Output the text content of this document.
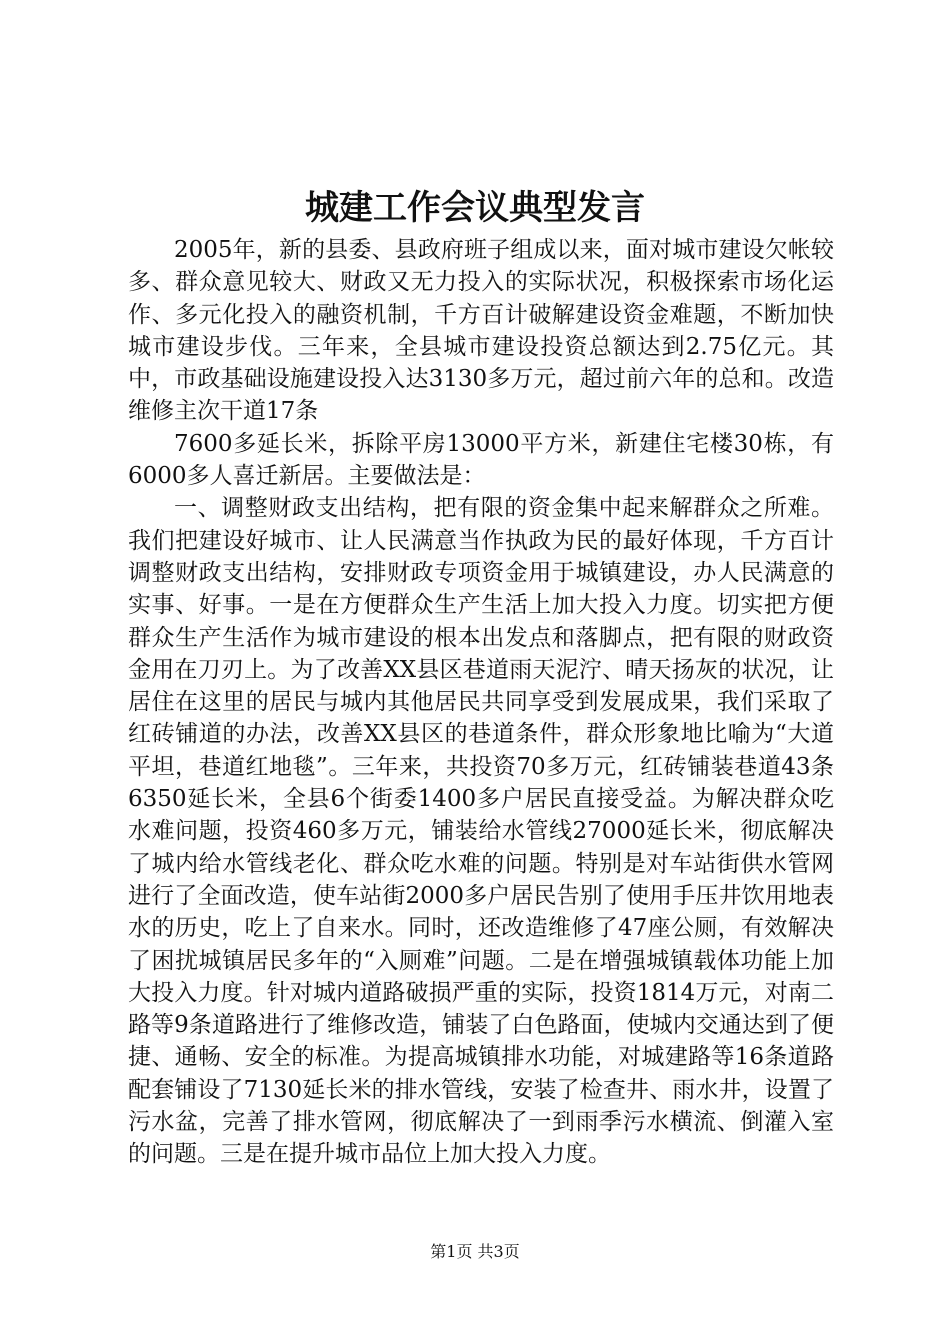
城建工作会议典型发言

2005年，新的县委、县政府班子组成以来，面对城市建设欠帐较多、群众意见较大、财政又无力投入的实际状况，积极探索市场化运作、多元化投入的融资机制，千方百计破解建设资金难题，不断加快城市建设步伐。三年来，全县城市建设投资总额达到2.75亿元。其中，市政基础设施建设投入达3130多万元，超过前六年的总和。改造维修主次干道17条

7600多延长米，拆除平房13000平方米，新建住宅楼30栋，有6000多人喜迁新居。主要做法是：

一、调整财政支出结构，把有限的资金集中起来解群众之所难。我们把建设好城市、让人民满意当作执政为民的最好体现，千方百计调整财政支出结构，安排财政专项资金用于城镇建设，办人民满意的实事、好事。一是在方便群众生产生活上加大投入力度。切实把方便群众生产生活作为城市建设的根本出发点和落脚点，把有限的财政资金用在刀刃上。为了改善XX县区巷道雨天泥泞、晴天扬灰的状况，让居住在这里的居民与城内其他居民共同享受到发展成果，我们采取了红砖铺道的办法，改善XX县区的巷道条件，群众形象地比喻为“大道平坦，巷道红地毯”。三年来，共投资70多万元，红砖铺装巷道43条6350延长米，全县6个街委1400多户居民直接受益。为解决群众吃水难问题，投资460多万元，铺装给水管线27000延长米，彻底解决了城内给水管线老化、群众吃水难的问题。特别是对车站街供水管网进行了全面改造，使车站街2000多户居民告别了使用手压井饮用地表水的历史，吃上了自来水。同时，还改造维修了47座公厕，有效解决了困扰城镇居民多年的“入厕难”问题。二是在增强城镇载体功能上加大投入力度。针对城内道路破损严重的实际，投资1814万元，对南二路等9条道路进行了维修改造，铺装了白色路面，使城内交通达到了便捷、通畅、安全的标准。为提高城镇排水功能，对城建路等16条道路配套铺设了7130延长米的排水管线，安装了检查井、雨水井，设置了污水盆，完善了排水管网，彻底解决了一到雨季污水横流、倒灌入室的问题。三是在提升城市品位上加大投入力度。

第1页 共3页
